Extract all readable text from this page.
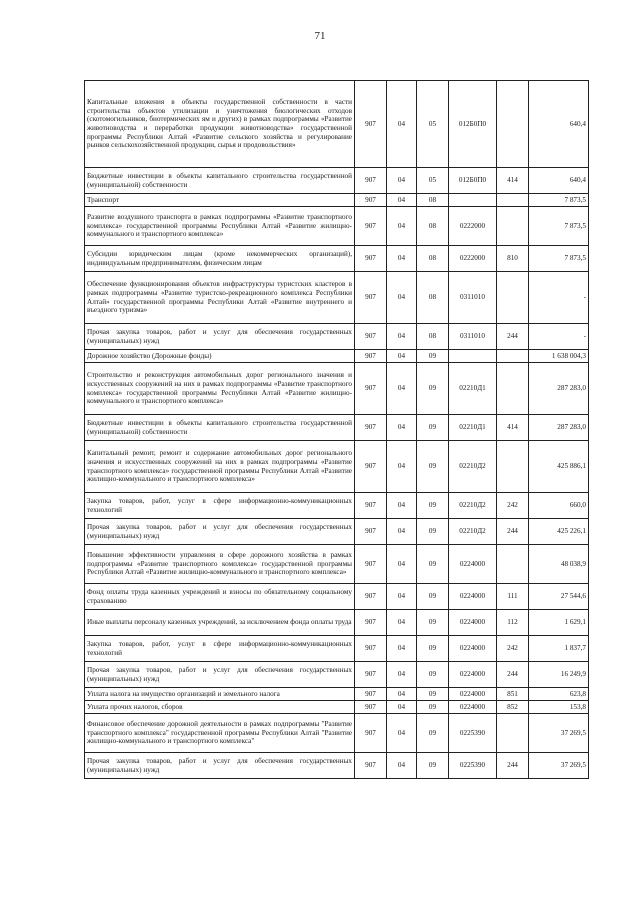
71
Капитальные вложения в объекты государственной собственности в части строительства объектов утилизации и уничтожения биологических отходов (скотомогильников, биотермических ям и других) в рамках подпрограммы «Развитие животноводства и переработки продукции животноводства» государственной программы Республики Алтай «Развитие сельского хозяйства и регулирование рынков сельскохозяйственной продукции, сырья и продовольствия»	907	04	05	012Б0П0		640,4
Бюджетные инвестиции в объекты капитального строительства государственной (муниципальной) собственности	907	04	05	012Б0П0	414	640,4
Транспорт	907	04	08			7 873,5
Развитие воздушного транспорта в рамках подпрограммы «Развитие транспортного комплекса» государственной программы Республики Алтай «Развитие жилищно-коммунального и транспортного комплекса»	907	04	08	0222000		7 873,5
Субсидии юридическим лицам (кроме некоммерческих организаций), индивидуальным предпринимателям, физическим лицам	907	04	08	0222000	810	7 873,5
Обеспечение функционирования объектов инфраструктуры туристских кластеров в рамках подпрограммы «Развитие туристско-рекреационного комплекса Республики Алтай» государственной программы Республики Алтай «Развитие внутреннего и въездного туризма»	907	04	08	0311010		-
Прочая закупка товаров, работ и услуг для обеспечения государственных (муниципальных) нужд	907	04	08	0311010	244	-
Дорожное хозяйство (Дорожные фонды)	907	04	09			1 638 004,3
Строительство и реконструкция автомобильных дорог регионального значения и искусственных сооружений на них в рамках подпрограммы «Развитие транспортного комплекса» государственной программы Республики Алтай «Развитие жилищно-коммунального и транспортного комплекса»	907	04	09	02210Д1		287 283,0
Бюджетные инвестиции в объекты капитального строительства государственной (муниципальной) собственности	907	04	09	02210Д1	414	287 283,0
Капитальный ремонт, ремонт и содержание автомобильных дорог регионального значения и искусственных сооружений на них в рамках подпрограммы «Развитие транспортного комплекса» государственной программы Республики Алтай «Развитие жилищно-коммунального и транспортного комплекса»	907	04	09	02210Д2		425 886,1
Закупка товаров, работ, услуг в сфере информационно-коммуникационных технологий	907	04	09	02210Д2	242	660,0
Прочая закупка товаров, работ и услуг для обеспечения государственных (муниципальных) нужд	907	04	09	02210Д2	244	425 226,1
Повышение эффективности управления в сфере дорожного хозяйства в рамках подпрограммы «Развитие транспортного комплекса» государственной программы Республики Алтай «Развитие жилищно-коммунального и транспортного комплекса»	907	04	09	0224000		48 038,9
Фонд оплаты труда казенных учреждений и взносы по обязательному социальному страхованию	907	04	09	0224000	111	27 544,6
Иные выплаты персоналу казенных учреждений, за исключением фонда оплаты труда	907	04	09	0224000	112	1 629,1
Закупка товаров, работ, услуг в сфере информационно-коммуникационных технологий	907	04	09	0224000	242	1 837,7
Прочая закупка товаров, работ и услуг для обеспечения государственных (муниципальных) нужд	907	04	09	0224000	244	16 249,9
Уплата налога на имущество организаций и земельного налога	907	04	09	0224000	851	623,8
Уплата прочих налогов, сборов	907	04	09	0224000	852	153,8
Финансовое обеспечение дорожной деятельности в рамках подпрограммы "Развитие транспортного комплекса" государственной программы Республики Алтай "Развитие жилищно-коммунального и транспортного комплекса"	907	04	09	0225390		37 269,5
Прочая закупка товаров, работ и услуг для обеспечения государственных (муниципальных) нужд	907	04	09	0225390	244	37 269,5
